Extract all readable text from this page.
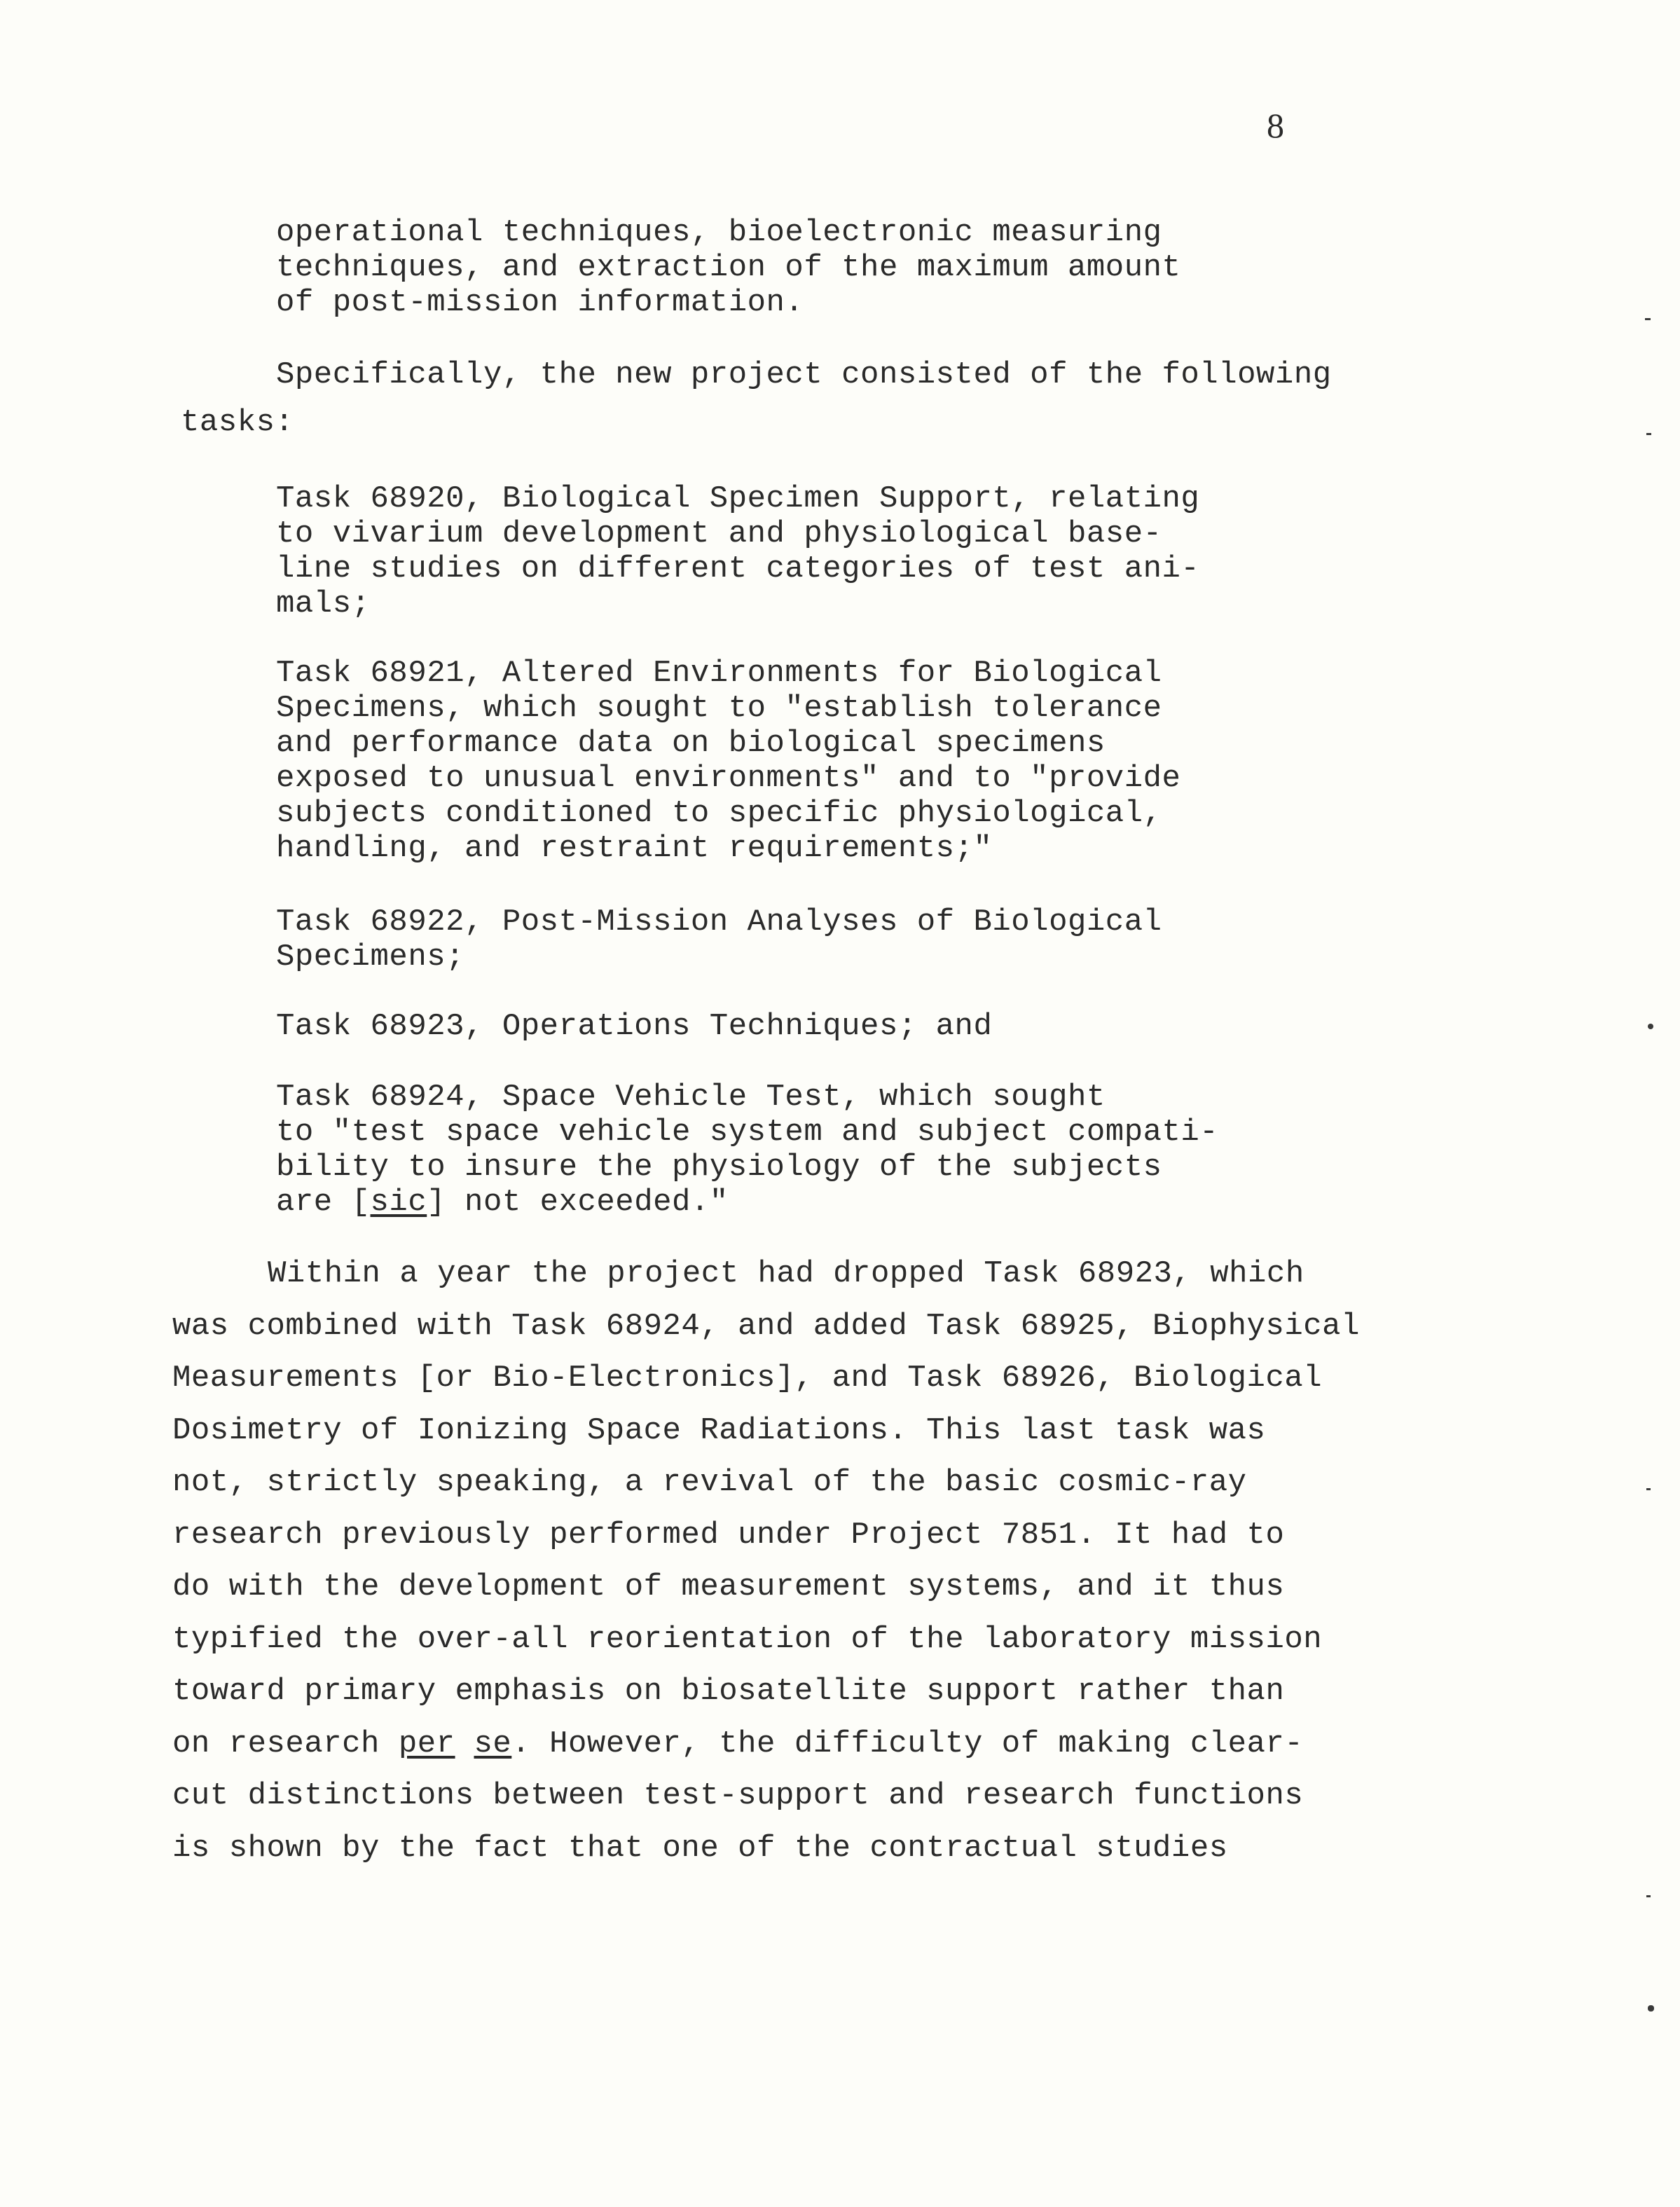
8
operational techniques, bioelectronic measuring
techniques, and extraction of the maximum amount
of post-mission information.
Specifically, the new project consisted of the following
tasks:
Task 68920, Biological Specimen Support, relating
to vivarium development and physiological base-
line studies on different categories of test ani-
mals;
Task 68921, Altered Environments for Biological
Specimens, which sought to "establish tolerance
and performance data on biological specimens
exposed to unusual environments" and to "provide
subjects conditioned to specific physiological,
handling, and restraint requirements;"
Task 68922, Post-Mission Analyses of Biological
Specimens;
Task 68923, Operations Techniques; and
Task 68924, Space Vehicle Test, which sought
to "test space vehicle system and subject compati-
bility to insure the physiology of the subjects
are [sic] not exceeded."
Within a year the project had dropped Task 68923, which
was combined with Task 68924, and added Task 68925, Biophysical
Measurements [or Bio-Electronics], and Task 68926, Biological
Dosimetry of Ionizing Space Radiations. This last task was
not, strictly speaking, a revival of the basic cosmic-ray
research previously performed under Project 7851. It had to
do with the development of measurement systems, and it thus
typified the over-all reorientation of the laboratory mission
toward primary emphasis on biosatellite support rather than
on research per se. However, the difficulty of making clear-
cut distinctions between test-support and research functions
is shown by the fact that one of the contractual studies
